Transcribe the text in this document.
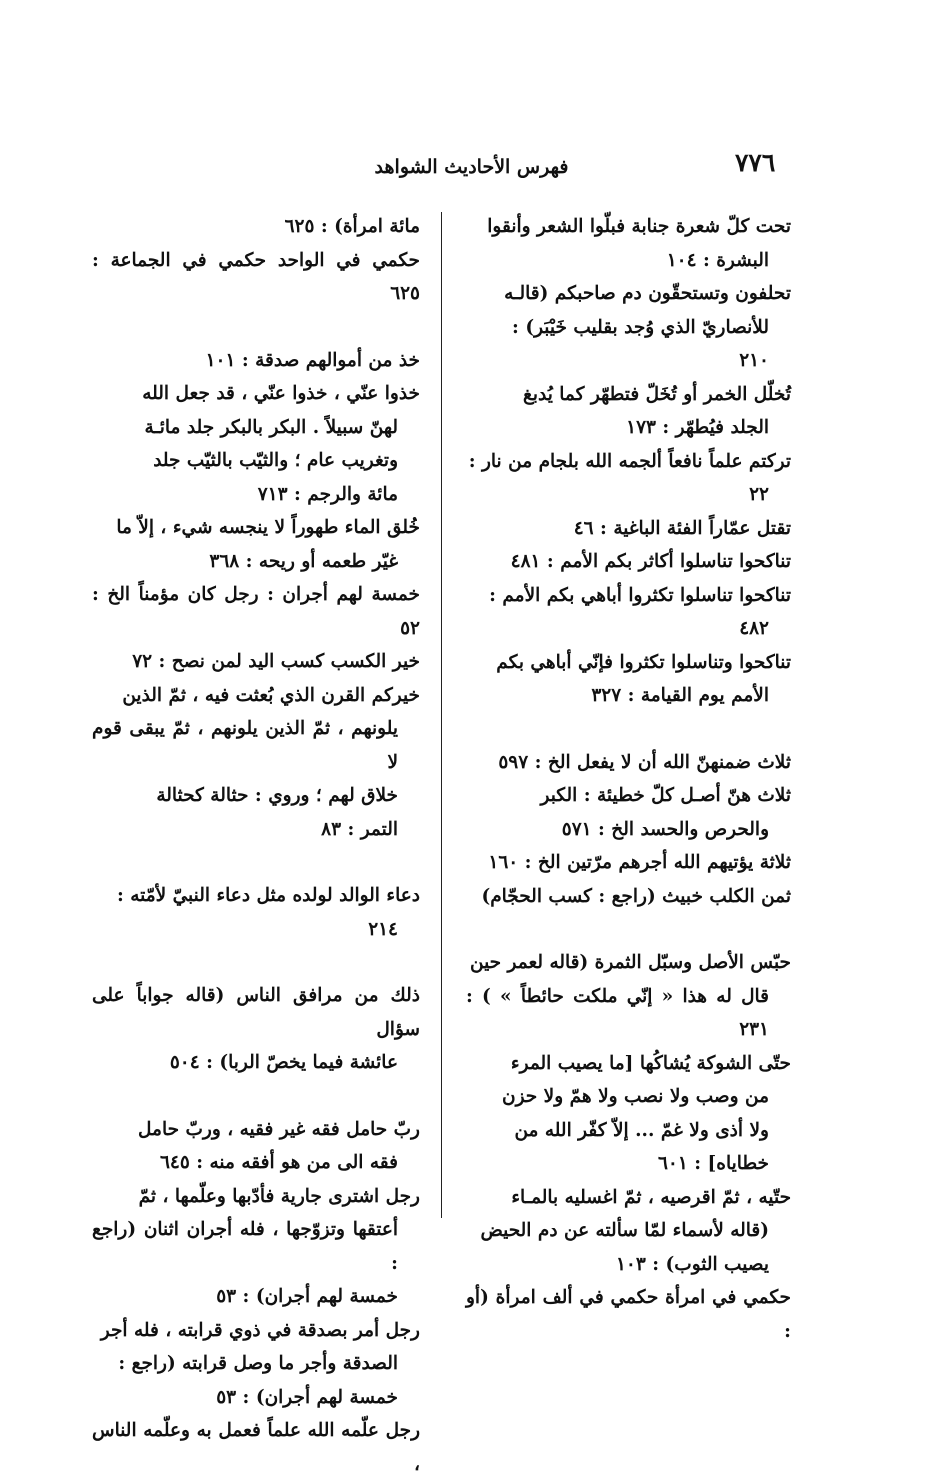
٧٧٦
فهرس الأحاديث الشواهد
تحت كلّ شعرة جنابة فبلّوا الشعر وأنقوا
البشرة : ١٠٤
تحلفون وتستحقّون دم صاحبكم (قالـه
للأنصاريّ الذي وُجد بقليب خَيْبَر) :
٢١٠
تُخلّل الخمر أو تُخَلّ فتطهّر كما يُدبغ
الجلد فيُطهّر : ١٧٣
تركتم علماً نافعاً ألجمه الله بلجام من نار :
٢٢
تقتل عمّاراً الفئة الباغية : ٤٦
تناكحوا تناسلوا أكاثر بكم الأمم : ٤٨١
تناكحوا تناسلوا تكثروا أباهي بكم الأمم :
٤٨٢
تناكحوا وتناسلوا تكثروا فإنّي أباهي بكم
الأمم يوم القيامة : ٣٢٧
ثلاث ضمنهنّ الله أن لا يفعل الخ : ٥٩٧
ثلاث هنّ أصـل كلّ خطيئة : الكبر
والحرص والحسد الخ : ٥٧١
ثلاثة يؤتيهم الله أجرهم مرّتين الخ : ١٦٠
ثمن الكلب خبيث (راجع : كسب الحجّام)
حبّس الأصل وسبّل الثمرة (قاله لعمر حين
قال له هذا « إنّي ملكت حائطاً » ) : ٢٣١
حتّى الشوكة يُشاكُها [ما يصيب المرء
من وصب ولا نصب ولا همّ ولا حزن
ولا أذى ولا غمّ ... إلاّ كفّر الله من
خطاياه] : ٦٠١
حتّيه ، ثمّ اقرصيه ، ثمّ اغسليه بالمـاء
(قاله لأسماء لمّا سألته عن دم الحيض
يصيب الثوب) : ١٠٣
حكمي في امرأة حكمي في ألف امرأة (أو :
مائة امرأة) : ٦٢٥
حكمي في الواحد حكمي في الجماعة : ٦٢٥
خذ من أموالهم صدقة : ١٠١
خذوا عنّي ، خذوا عنّي ، قد جعل الله
لهنّ سبيلاً . البكر بالبكر جلد مائـة
وتغريب عام ؛ والثيّب بالثيّب جلد
مائة والرجم : ٧١٣
خُلق الماء طهوراً لا ينجسه شيء ، إلاّ ما
غيّر طعمه أو ريحه : ٣٦٨
خمسة لهم أجران : رجل كان مؤمناً الخ : ٥٢
خير الكسب كسب اليد لمن نصح : ٧٢
خيركم القرن الذي بُعثت فيه ، ثمّ الذين
يلونهم ، ثمّ الذين يلونهم ، ثمّ يبقى قوم لا
خلاق لهم ؛ وروي : حثالة كحثالة
التمر : ٨٣
دعاء الوالد لولده مثل دعاء النبيّ لأمّته :
٢١٤
ذلك من مرافق الناس (قاله جواباً على سؤال
عائشة فيما يخصّ الربا) : ٥٠٤
ربّ حامل فقه غير فقيه ، وربّ حامل
فقه الى من هو أفقه منه : ٦٤٥
رجل اشترى جارية فأدّبها وعلّمها ، ثمّ
أعتقها وتزوّجها ، فله أجران اثنان (راجع :
خمسة لهم أجران) : ٥٣
رجل أمر بصدقة في ذوي قرابته ، فله أجر
الصدقة وأجر ما وصل قرابته (راجع :
خمسة لهم أجران) : ٥٣
رجل علّمه الله علماً فعمل به وعلّمه الناس ،
